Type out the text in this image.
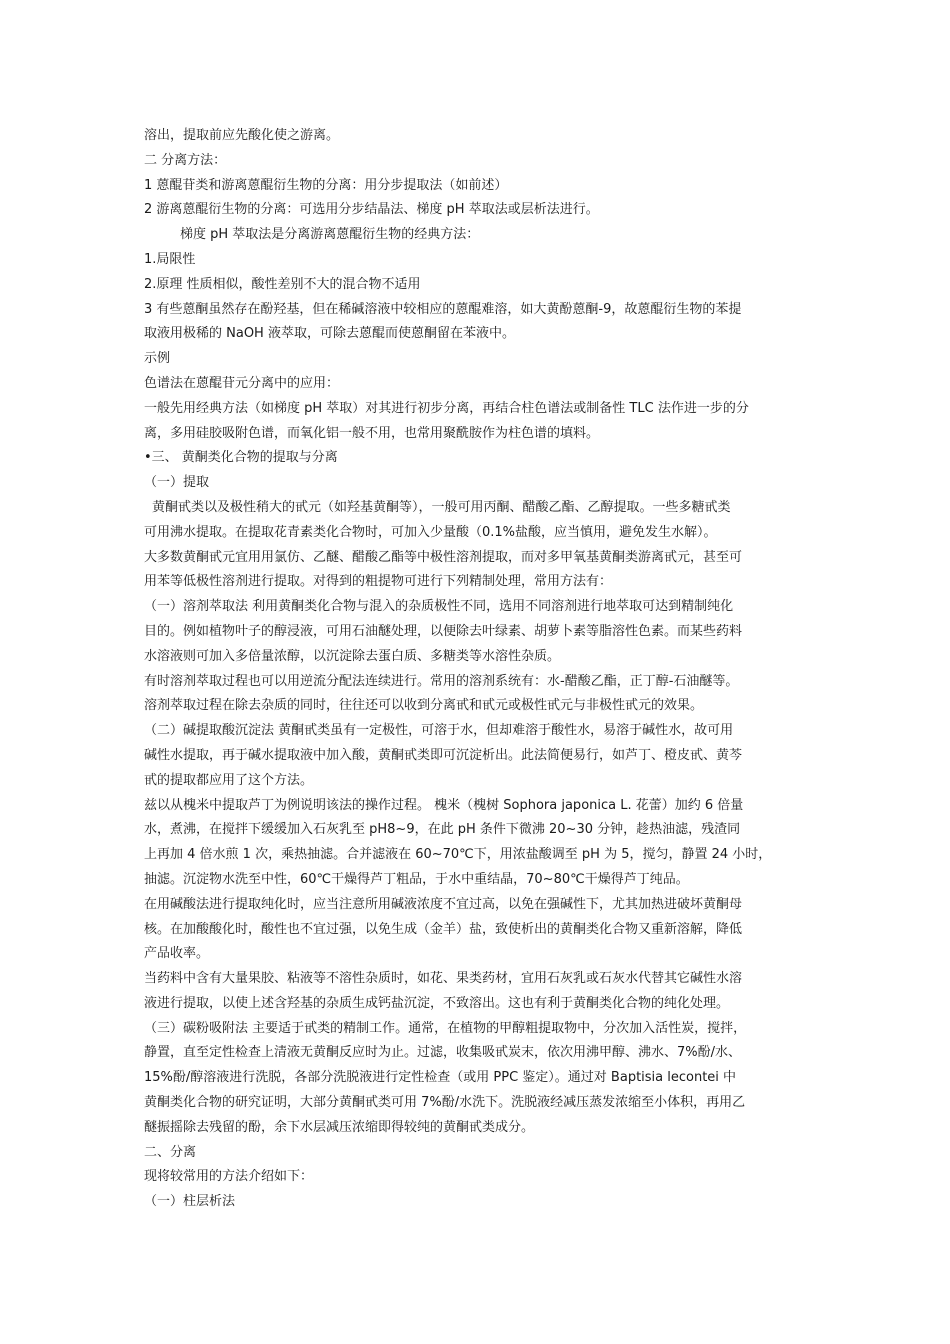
溶出，提取前应先酸化使之游离。
二 分离方法：
1 蒽醌苷类和游离蒽醌衍生物的分离：用分步提取法（如前述）
2 游离蒽醌衍生物的分离：可选用分步结晶法、梯度 pH 萃取法或层析法进行。
梯度 pH 萃取法是分离游离蒽醌衍生物的经典方法：
1.局限性
2.原理 性质相似，酸性差别不大的混合物不适用
3 有些蒽酮虽然存在酚羟基，但在稀碱溶液中较相应的蒽醌难溶，如大黄酚蒽酮-9，故蒽醌衍生物的苯提
取液用极稀的 NaOH 液萃取，可除去蒽醌而使蒽酮留在苯液中。
示例
色谱法在蒽醌苷元分离中的应用：
一般先用经典方法（如梯度 pH 萃取）对其进行初步分离，再结合柱色谱法或制备性 TLC 法作进一步的分
离，多用硅胶吸附色谱，而氧化铝一般不用，也常用聚酰胺作为柱色谱的填料。
•三、 黄酮类化合物的提取与分离
（一）提取
黄酮甙类以及极性稍大的甙元（如羟基黄酮等），一般可用丙酮、醋酸乙酯、乙醇提取。一些多糖甙类
可用沸水提取。在提取花青素类化合物时，可加入少量酸（0.1%盐酸，应当慎用，避免发生水解）。
大多数黄酮甙元宜用用氯仿、乙醚、醋酸乙酯等中极性溶剂提取，而对多甲氧基黄酮类游离甙元，甚至可
用苯等低极性溶剂进行提取。对得到的粗提物可进行下列精制处理，常用方法有：
（一）溶剂萃取法 利用黄酮类化合物与混入的杂质极性不同，选用不同溶剂进行地萃取可达到精制纯化
目的。例如植物叶子的醇浸液，可用石油醚处理，以便除去叶绿素、胡萝卜素等脂溶性色素。而某些药料
水溶液则可加入多倍量浓醇，以沉淀除去蛋白质、多糖类等水溶性杂质。
有时溶剂萃取过程也可以用逆流分配法连续进行。常用的溶剂系统有：水-醋酸乙酯，正丁醇-石油醚等。
溶剂萃取过程在除去杂质的同时，往往还可以收到分离甙和甙元或极性甙元与非极性甙元的效果。
（二）碱提取酸沉淀法 黄酮甙类虽有一定极性，可溶于水，但却难溶于酸性水，易溶于碱性水，故可用
碱性水提取，再于碱水提取液中加入酸，黄酮甙类即可沉淀析出。此法简便易行，如芦丁、橙皮甙、黄芩
甙的提取都应用了这个方法。
兹以从槐米中提取芦丁为例说明该法的操作过程。 槐米（槐树 Sophora japonica L. 花蕾）加约 6 倍量
水，煮沸，在搅拌下缓缓加入石灰乳至 pH8~9，在此 pH 条件下微沸 20~30 分钟，趁热油滤，残渣同
上再加 4 倍水煎 1 次，乘热抽滤。合并滤液在 60~70℃下，用浓盐酸调至 pH 为 5，搅匀，静置 24 小时，
抽滤。沉淀物水洗至中性，60℃干燥得芦丁粗品，于水中重结晶，70~80℃干燥得芦丁纯品。
在用碱酸法进行提取纯化时，应当注意所用碱液浓度不宜过高，以免在强碱性下，尤其加热进破坏黄酮母
核。在加酸酸化时，酸性也不宜过强，以免生成（金羊）盐，致使析出的黄酮类化合物又重新溶解，降低
产品收率。
当药料中含有大量果胶、粘液等不溶性杂质时，如花、果类药材，宜用石灰乳或石灰水代替其它碱性水溶
液进行提取，以使上述含羟基的杂质生成钙盐沉淀，不致溶出。这也有利于黄酮类化合物的纯化处理。
（三）碳粉吸附法 主要适于甙类的精制工作。通常，在植物的甲醇粗提取物中，分次加入活性炭，搅拌，
静置，直至定性检查上清液无黄酮反应时为止。过滤，收集吸甙炭末，依次用沸甲醇、沸水、7%酚/水、
15%酚/醇溶液进行洗脱，各部分洗脱液进行定性检查（或用 PPC 鉴定）。通过对 Baptisia lecontei 中
黄酮类化合物的研究证明，大部分黄酮甙类可用 7%酚/水洗下。洗脱液经减压蒸发浓缩至小体积，再用乙
醚振摇除去残留的酚，余下水层减压浓缩即得较纯的黄酮甙类成分。
二、分离
现将较常用的方法介绍如下：
（一）柱层析法
